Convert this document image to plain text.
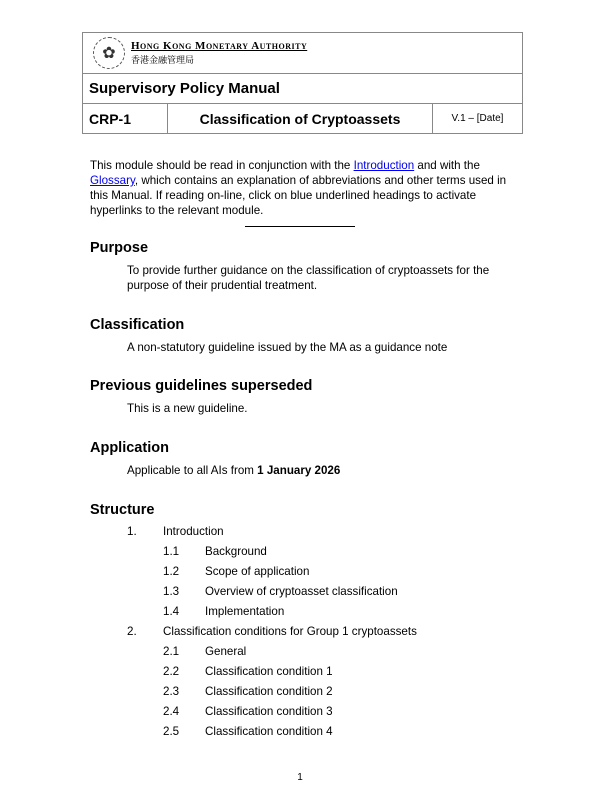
✿	Hong Kong Monetary Authority
香港金融管理局
Supervisory Policy Manual
CRP-1	Classification of Cryptoassets	V.1 – [Date]
This module should be read in conjunction with the Introduction and with the Glossary, which contains an explanation of abbreviations and other terms used in this Manual. If reading on-line, click on blue underlined headings to activate hyperlinks to the relevant module.
Purpose
To provide further guidance on the classification of cryptoassets for the purpose of their prudential treatment.
Classification
A non-statutory guideline issued by the MA as a guidance note
Previous guidelines superseded
This is a new guideline.
Application
Applicable to all AIs from 1 January 2026
Structure
1. Introduction
1.1 Background
1.2 Scope of application
1.3 Overview of cryptoasset classification
1.4 Implementation
2. Classification conditions for Group 1 cryptoassets
2.1 General
2.2 Classification condition 1
2.3 Classification condition 2
2.4 Classification condition 3
2.5 Classification condition 4
1
